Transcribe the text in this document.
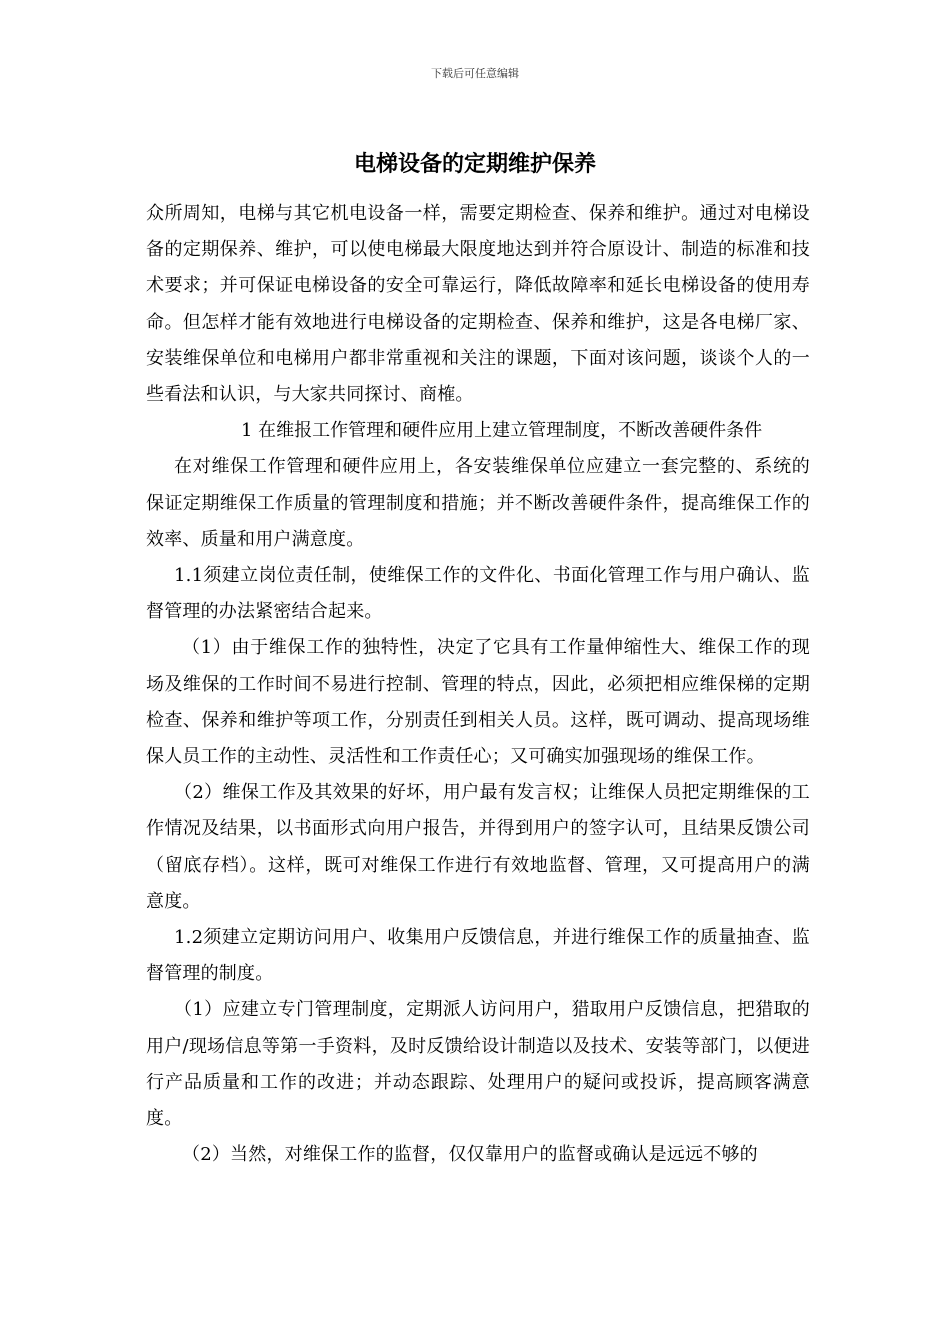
下载后可任意编辑
电梯设备的定期维护保养

众所周知，电梯与其它机电设备一样，需要定期检查、保养和维护。通过对电梯设备的定期保养、维护，可以使电梯最大限度地达到并符合原设计、制造的标准和技术要求；并可保证电梯设备的安全可靠运行，降低故障率和延长电梯设备的使用寿命。但怎样才能有效地进行电梯设备的定期检查、保养和维护，这是各电梯厂家、安装维保单位和电梯用户都非常重视和关注的课题，下面对该问题，谈谈个人的一些看法和认识，与大家共同探讨、商榷。

1 在维报工作管理和硬件应用上建立管理制度，不断改善硬件条件

在对维保工作管理和硬件应用上，各安装维保单位应建立一套完整的、系统的保证定期维保工作质量的管理制度和措施；并不断改善硬件条件，提高维保工作的效率、质量和用户满意度。

1.1须建立岗位责任制，使维保工作的文件化、书面化管理工作与用户确认、监督管理的办法紧密结合起来。

（1）由于维保工作的独特性，决定了它具有工作量伸缩性大、维保工作的现场及维保的工作时间不易进行控制、管理的特点，因此，必须把相应维保梯的定期检查、保养和维护等项工作，分别责任到相关人员。这样，既可调动、提高现场维保人员工作的主动性、灵活性和工作责任心；又可确实加强现场的维保工作。

（2）维保工作及其效果的好坏，用户最有发言权；让维保人员把定期维保的工作情况及结果，以书面形式向用户报告，并得到用户的签字认可，且结果反馈公司（留底存档）。这样，既可对维保工作进行有效地监督、管理，又可提高用户的满意度。

1.2须建立定期访问用户、收集用户反馈信息，并进行维保工作的质量抽查、监督管理的制度。

（1）应建立专门管理制度，定期派人访问用户，猎取用户反馈信息，把猎取的用户/现场信息等第一手资料，及时反馈给设计制造以及技术、安装等部门，以便进行产品质量和工作的改进；并动态跟踪、处理用户的疑问或投诉，提高顾客满意度。

（2）当然，对维保工作的监督，仅仅靠用户的监督或确认是远远不够的
